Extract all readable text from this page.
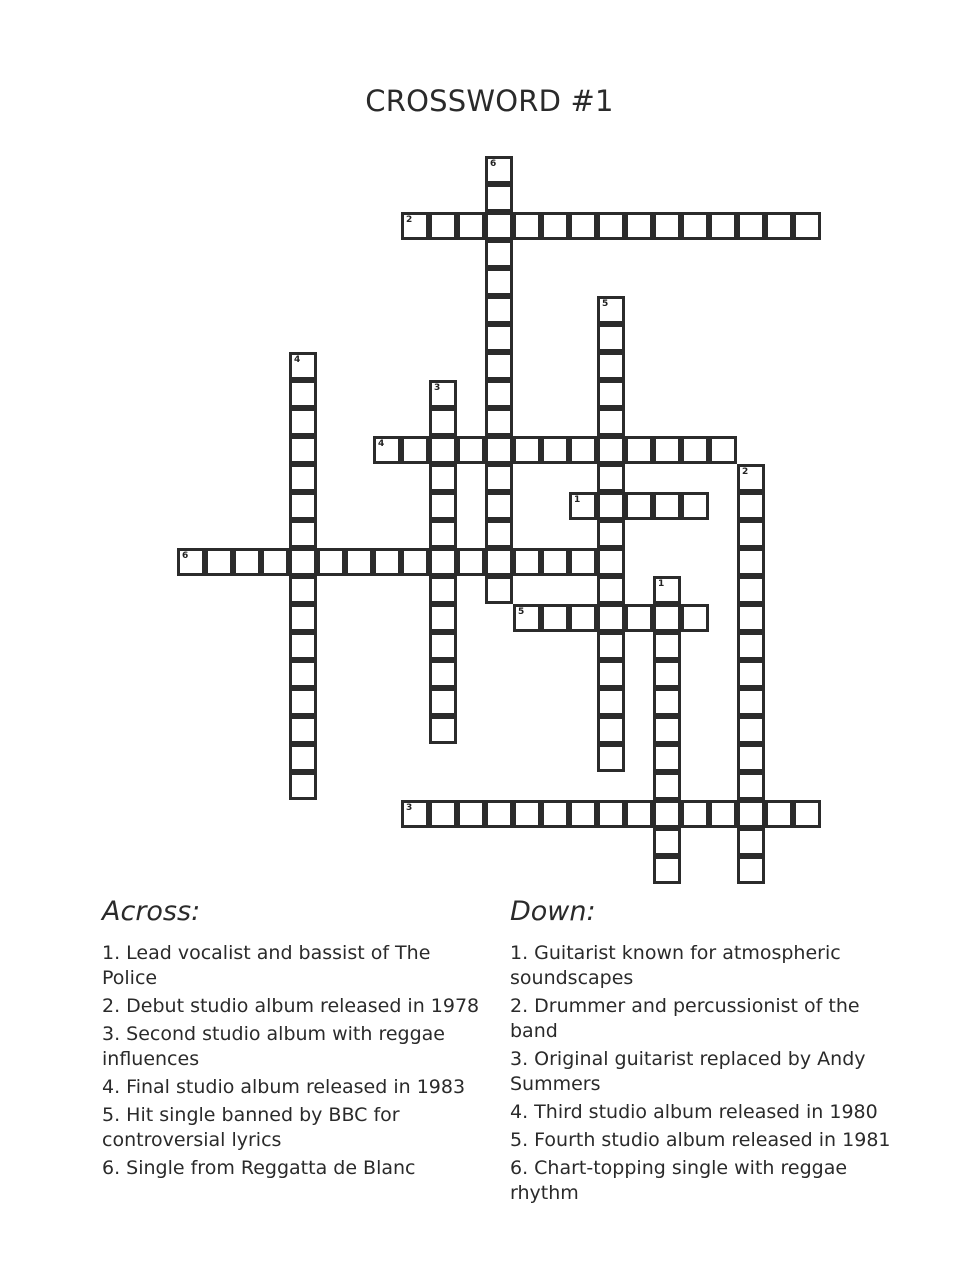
CROSSWORD #1
1
2
3
4
5
6
1
2
3
4
5
6
Across:
1. Lead vocalist and bassist of The Police
2. Debut studio album released in 1978
3. Second studio album with reggae influences
4. Final studio album released in 1983
5. Hit single banned by BBC for controversial lyrics
6. Single from Reggatta de Blanc
Down:
1. Guitarist known for atmospheric soundscapes
2. Drummer and percussionist of the band
3. Original guitarist replaced by Andy Summers
4. Third studio album released in 1980
5. Fourth studio album released in 1981
6. Chart-topping single with reggae rhythm
